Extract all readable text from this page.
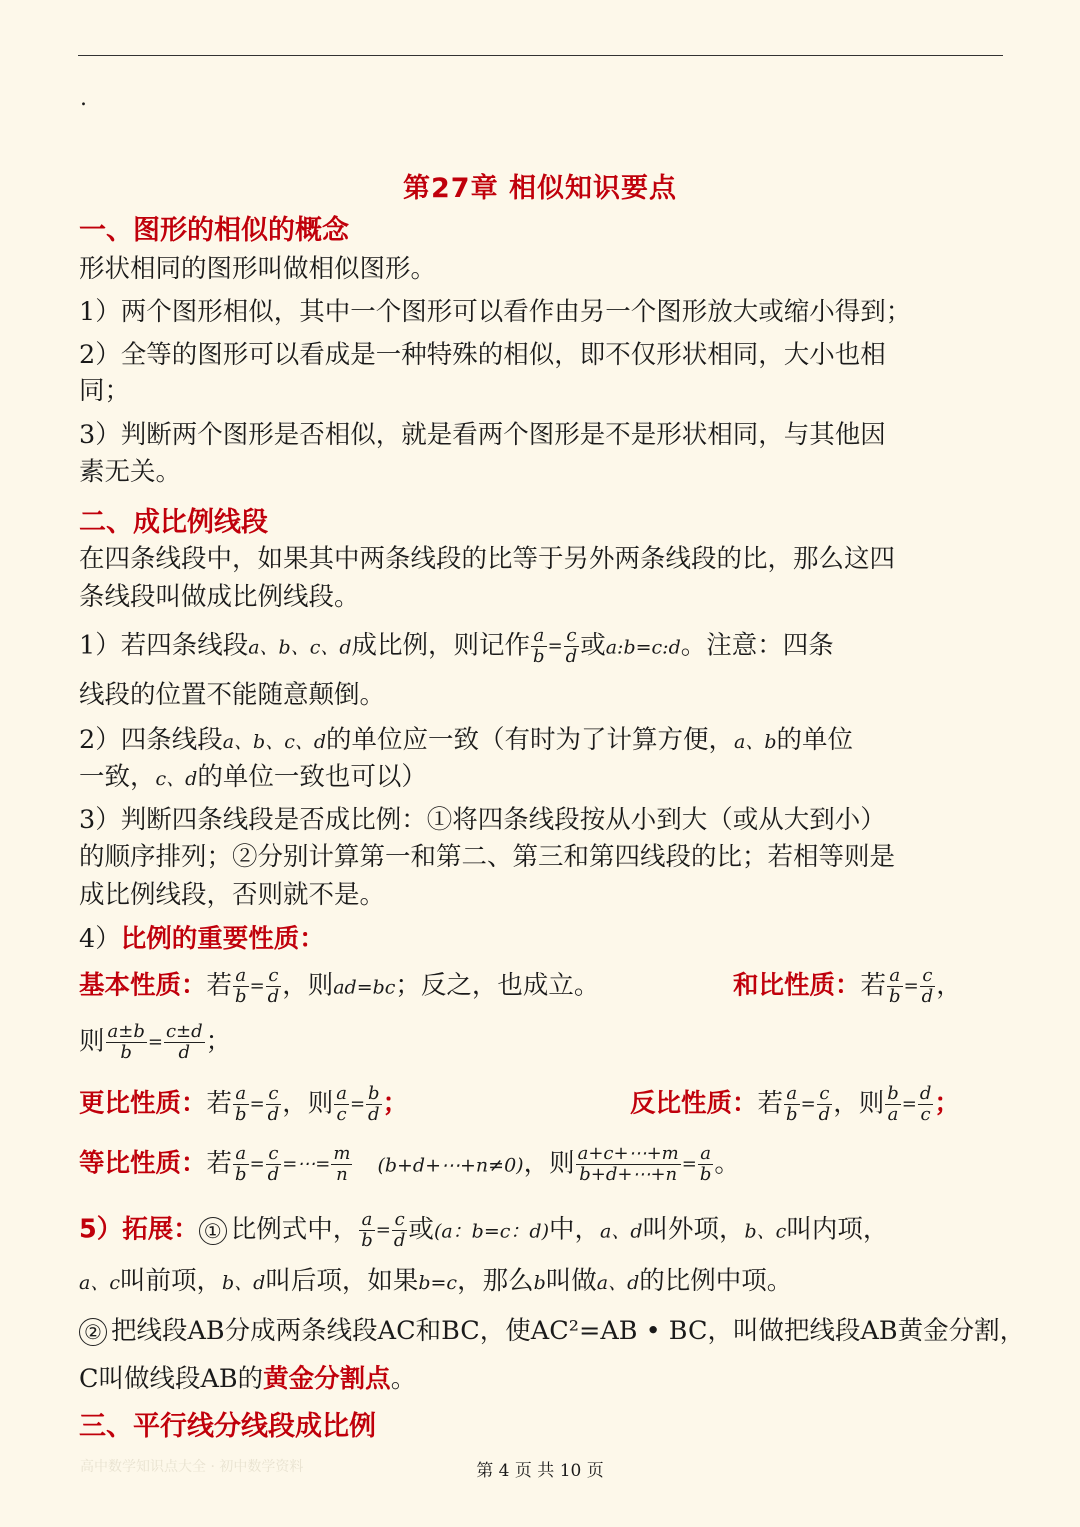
.
第27章 相似知识要点
一、图形的相似的概念
形状相同的图形叫做相似图形。
1）两个图形相似，其中一个图形可以看作由另一个图形放大或缩小得到；
2）全等的图形可以看成是一种特殊的相似，即不仅形状相同，大小也相
同；
3）判断两个图形是否相似，就是看两个图形是不是形状相同，与其他因
素无关。
二、成比例线段
在四条线段中，如果其中两条线段的比等于另外两条线段的比，那么这四
条线段叫做成比例线段。
1）若四条线段a、b、c、d成比例，则记作 $\frac{a}{b} = \frac{c}{d}$ 或a:b=c:d。注意：四条
线段的位置不能随意颠倒。
2）四条线段a、b、c、d的单位应一致（有时为了计算方便，a、b的单位
一致，c、d的单位一致也可以）
3）判断四条线段是否成比例：①将四条线段按从小到大（或从大到小）
的顺序排列；②分别计算第一和第二、第三和第四线段的比；若相等则是
成比例线段，否则就不是。
4）比例的重要性质：
基本性质：若 $\frac{a}{b} = \frac{c}{d}$ ，则ad=bc；反之，也成立。	和比性质：若 $\frac{a}{b} = \frac{c}{d}$ ，
则 $\frac{a\pm b}{b} = \frac{c\pm d}{d}$ ；
更比性质：若 $\frac{a}{b} = \frac{c}{d}$ ，则 $\frac{a}{c} = \frac{b}{d}$ ；	反比性质：若 $\frac{a}{b} = \frac{c}{d}$ ，则 $\frac{b}{a} = \frac{d}{c}$ ；
等比性质：若 $\frac{a}{b} = \frac{c}{d}$ =⋯= $\frac{m}{n}$ (b+d+⋯+n≠0)，则 $\frac{a+c+\cdots+m}{b+d+\cdots+n} = \frac{a}{b}$ 。
5）拓展： ① 比例式中， $\frac{a}{b} = \frac{c}{d}$ 或(a：b=c：d)中，a、d叫外项，b、c叫内项，
a、c叫前项，b、d叫后项，如果b=c，那么b叫做a、d的比例中项。
② 把线段AB分成两条线段AC和BC，使AC²=AB • BC，叫做把线段AB黄金分割，
C叫做线段AB的黄金分割点。
三、平行线分线段成比例
高中数学知识点大全 · 初中数学资料	第 4 页 共 10 页
